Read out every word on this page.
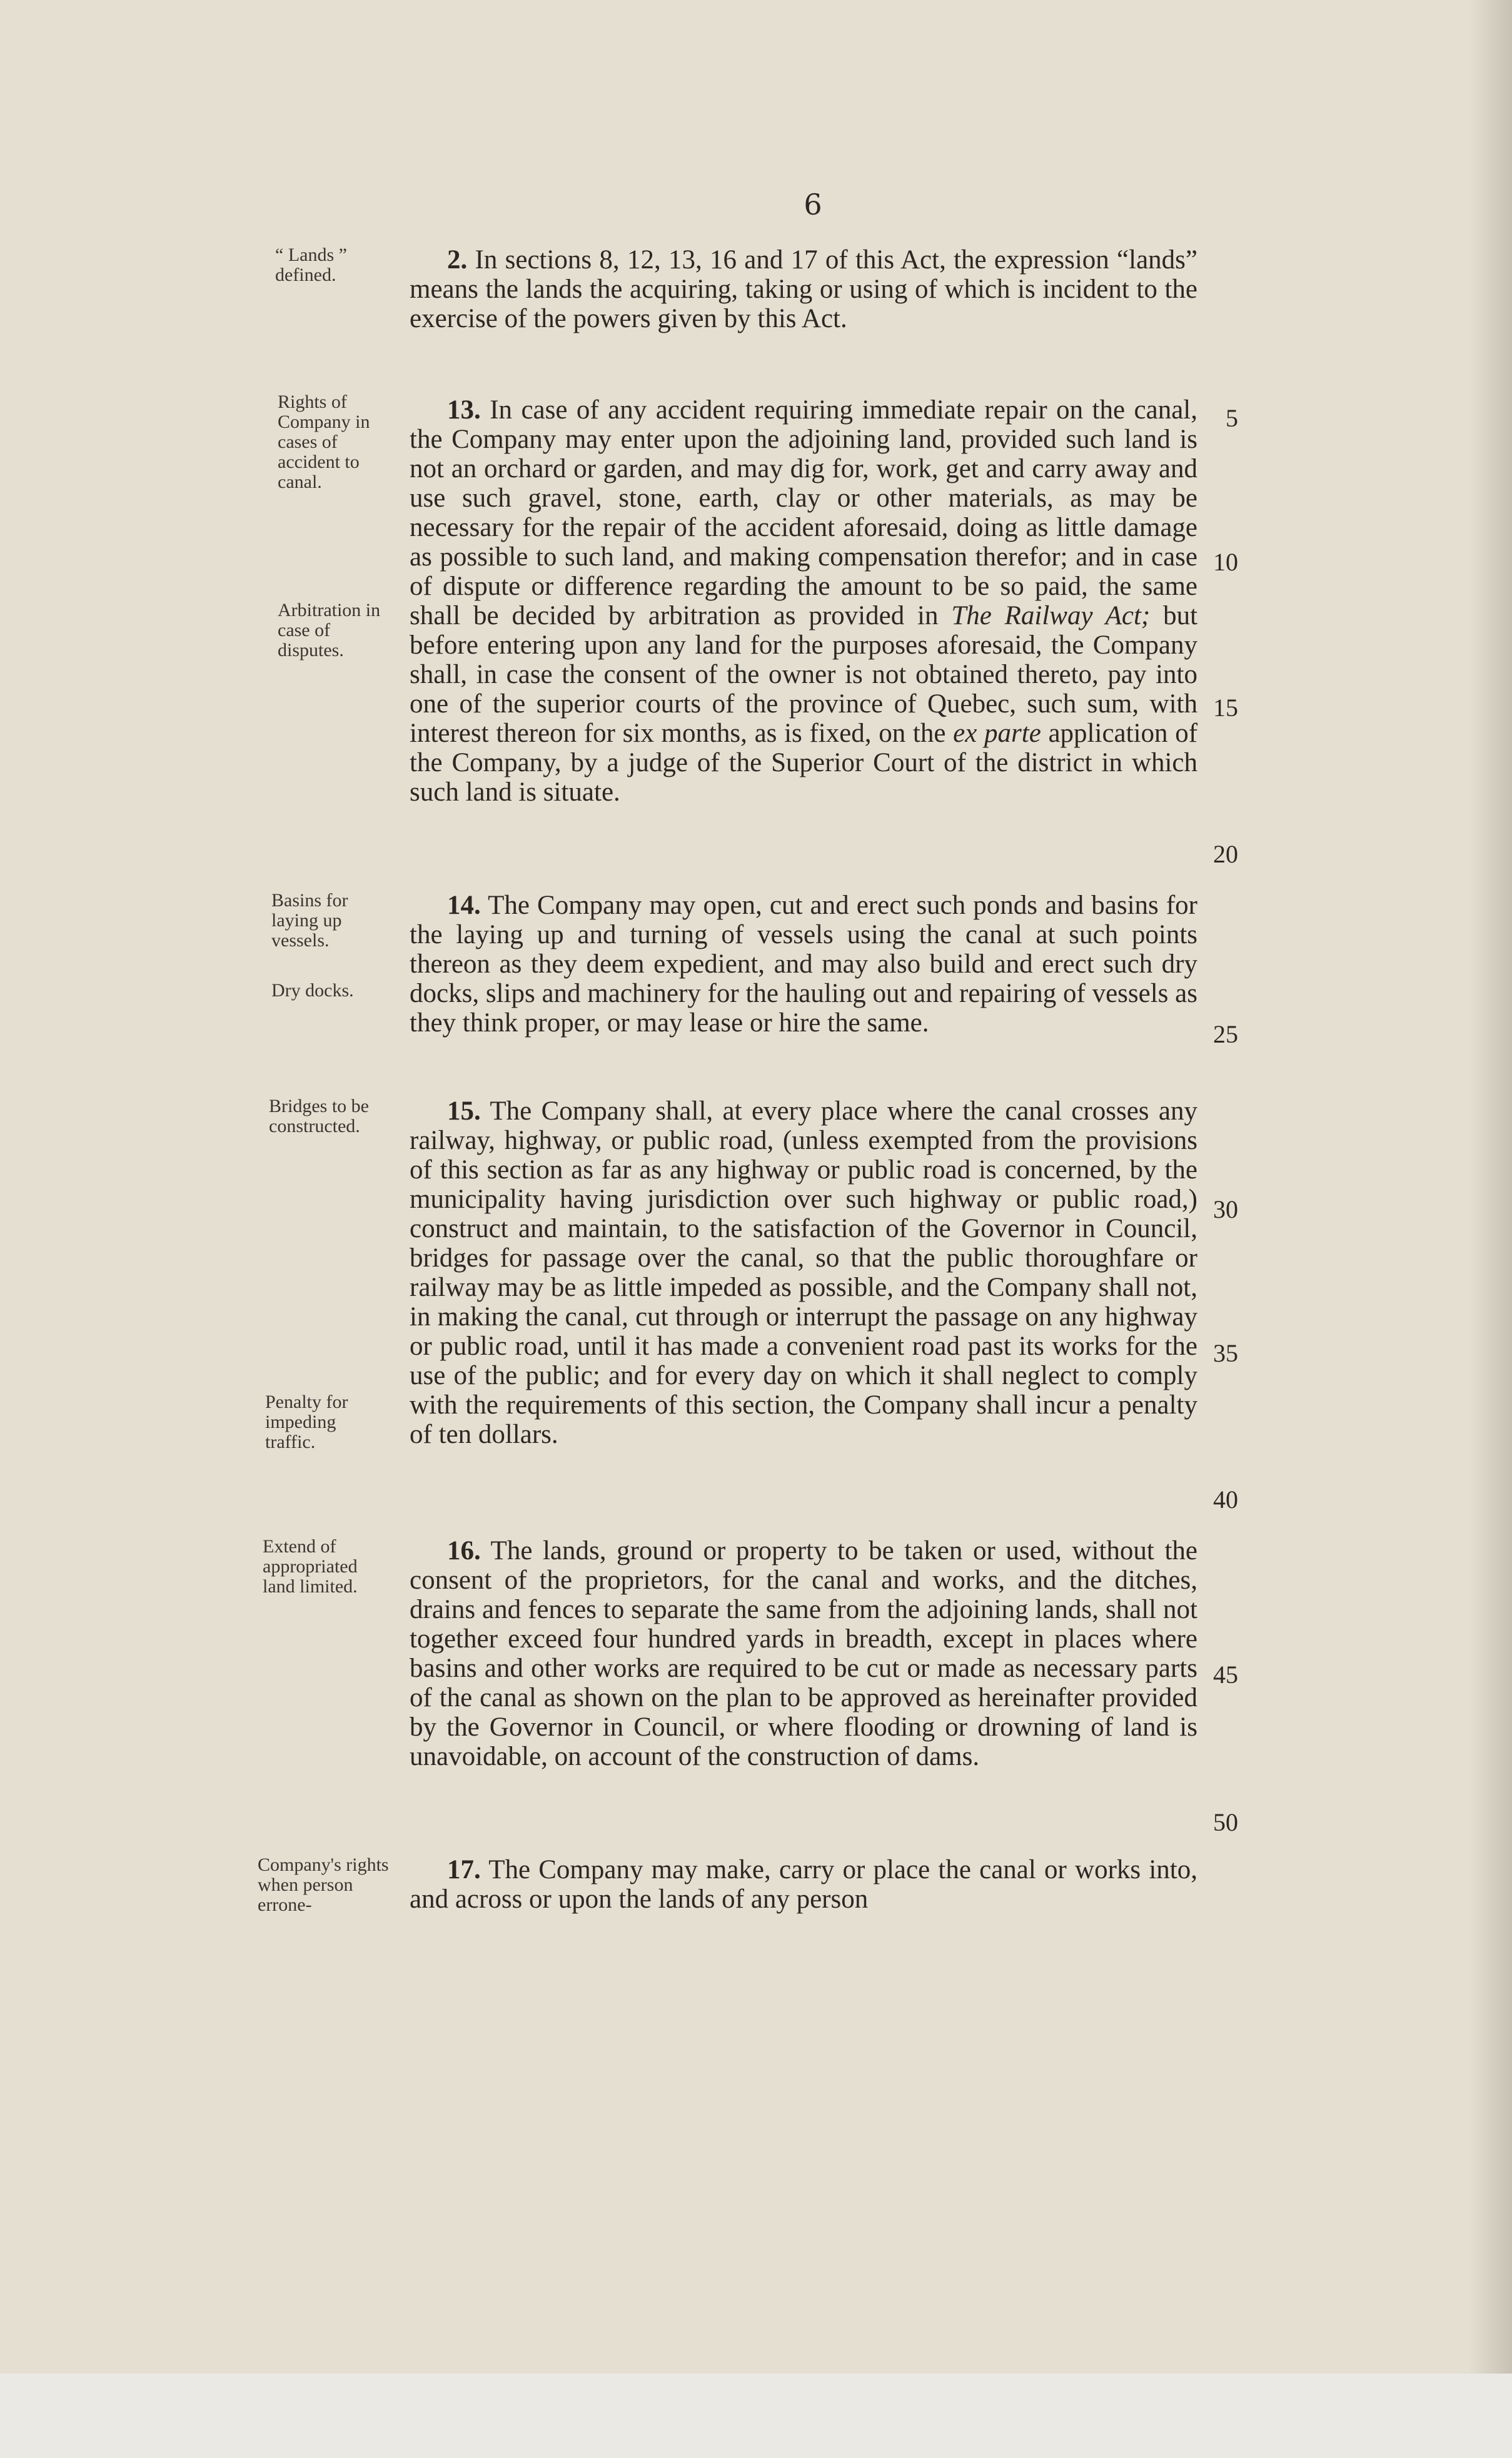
6
“ Lands ” defined.
Rights of Company in cases of accident to canal.
Arbitration in case of disputes.
Basins for laying up vessels.
Dry docks.
Bridges to be constructed.
Penalty for impeding traffic.
Extend of appropriated land limited.
Company's rights when person errone-

2. In sections 8, 12, 13, 16 and 17 of this Act, the expression “lands” means the lands the acquiring, taking or using of which is incident to the exercise of the powers given by this Act.

13. In case of any accident requiring immediate repair on the canal, the Company may enter upon the adjoining land, provided such land is not an orchard or garden, and may dig for, work, get and carry away and use such gravel, stone, earth, clay or other materials, as may be necessary for the repair of the accident aforesaid, doing as little damage as possible to such land, and making compensation therefor; and in case of dispute or difference regarding the amount to be so paid, the same shall be decided by arbitration as provided in The Railway Act; but before entering upon any land for the purposes aforesaid, the Company shall, in case the consent of the owner is not obtained thereto, pay into one of the superior courts of the province of Quebec, such sum, with interest thereon for six months, as is fixed, on the ex parte application of the Company, by a judge of the Superior Court of the district in which such land is situate.

14. The Company may open, cut and erect such ponds and basins for the laying up and turning of vessels using the canal at such points thereon as they deem expedient, and may also build and erect such dry docks, slips and machinery for the hauling out and repairing of vessels as they think proper, or may lease or hire the same.

15. The Company shall, at every place where the canal crosses any railway, highway, or public road, (unless exempted from the provisions of this section as far as any highway or public road is concerned, by the municipality having jurisdiction over such highway or public road,) construct and maintain, to the satisfaction of the Governor in Council, bridges for passage over the canal, so that the public thoroughfare or railway may be as little impeded as possible, and the Company shall not, in making the canal, cut through or interrupt the passage on any highway or public road, until it has made a convenient road past its works for the use of the public; and for every day on which it shall neglect to comply with the requirements of this section, the Company shall incur a penalty of ten dollars.

16. The lands, ground or property to be taken or used, without the consent of the proprietors, for the canal and works, and the ditches, drains and fences to separate the same from the adjoining lands, shall not together exceed four hundred yards in breadth, except in places where basins and other works are required to be cut or made as necessary parts of the canal as shown on the plan to be approved as hereinafter provided by the Governor in Council, or where flooding or drowning of land is unavoidable, on account of the construction of dams.

17. The Company may make, carry or place the canal or works into, and across or upon the lands of any person

5
10
15
20
25
30
35
40
45
50
